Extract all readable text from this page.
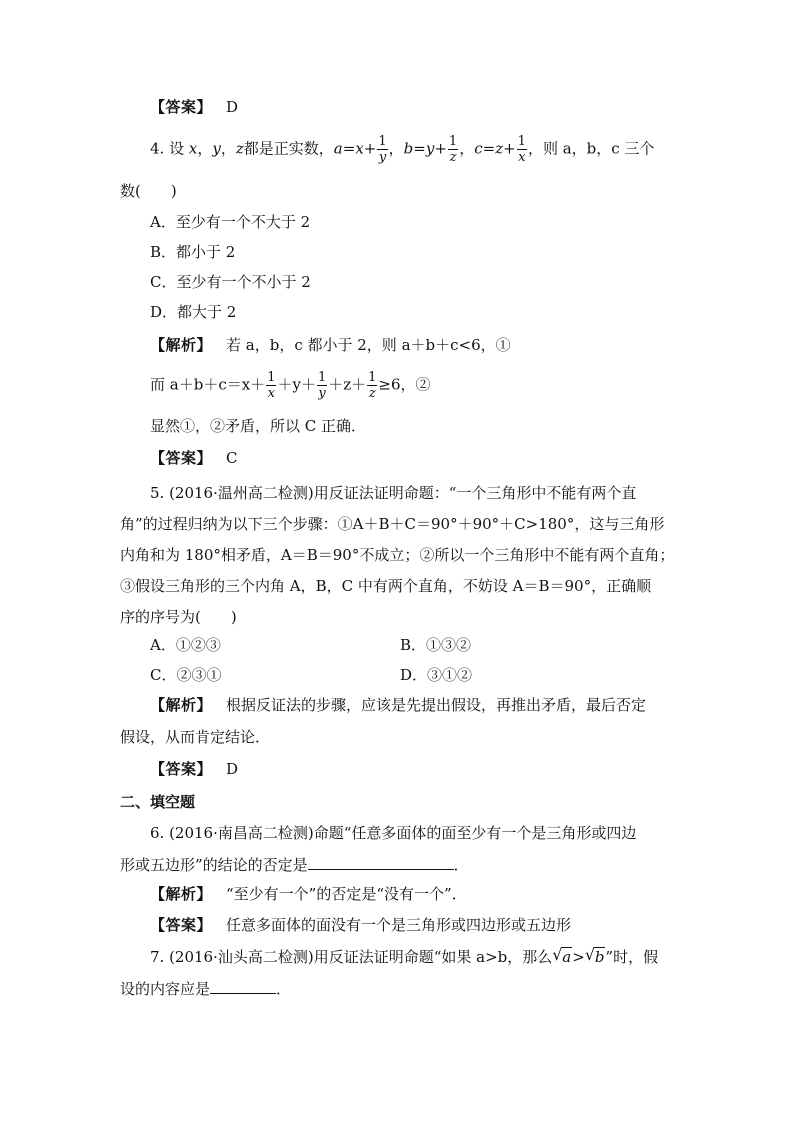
【答案】 D
4. 设 x，y，z都是正实数，$a=x+ \frac{1}{y}$ ，$b=y+ \frac{1}{z}$ ，$c=z+ \frac{1}{x}$ ，则 a，b，c 三个
数(　　)
A．至少有一个不大于 2
B．都小于 2
C．至少有一个不小于 2
D．都大于 2
【解析】 若 a，b，c 都小于 2，则 a＋b＋c<6，①
而 $a+b+c=x+ \frac{1}{x} +y+ \frac{1}{y} +z+ \frac{1}{z} \ge 6$，②
显然①，②矛盾，所以 C 正确．
【答案】 C
5. (2016·温州高二检测)用反证法证明命题：“一个三角形中不能有两个直
角”的过程归纳为以下三个步骤：①A＋B＋C＝90°＋90°＋C>180°，这与三角形
内角和为 180°相矛盾，A＝B＝90°不成立；②所以一个三角形中不能有两个直角；
③假设三角形的三个内角 A，B，C 中有两个直角，不妨设 A＝B＝90°，正确顺
序的序号为(　　)
A．①②③	B．①③②
C．②③①	D．③①②
【解析】 根据反证法的步骤，应该是先提出假设，再推出矛盾，最后否定
假设，从而肯定结论．
【答案】 D
二、填空题
6. (2016·南昌高二检测)命题“任意多面体的面至少有一个是三角形或四边
形或五边形”的结论的否定是	．
【解析】 “至少有一个”的否定是“没有一个”．
【答案】 任意多面体的面没有一个是三角形或四边形或五边形
7. (2016·汕头高二检测)用反证法证明命题“如果 a>b，那么 √ a> √ b”时，假
设的内容应是	．
